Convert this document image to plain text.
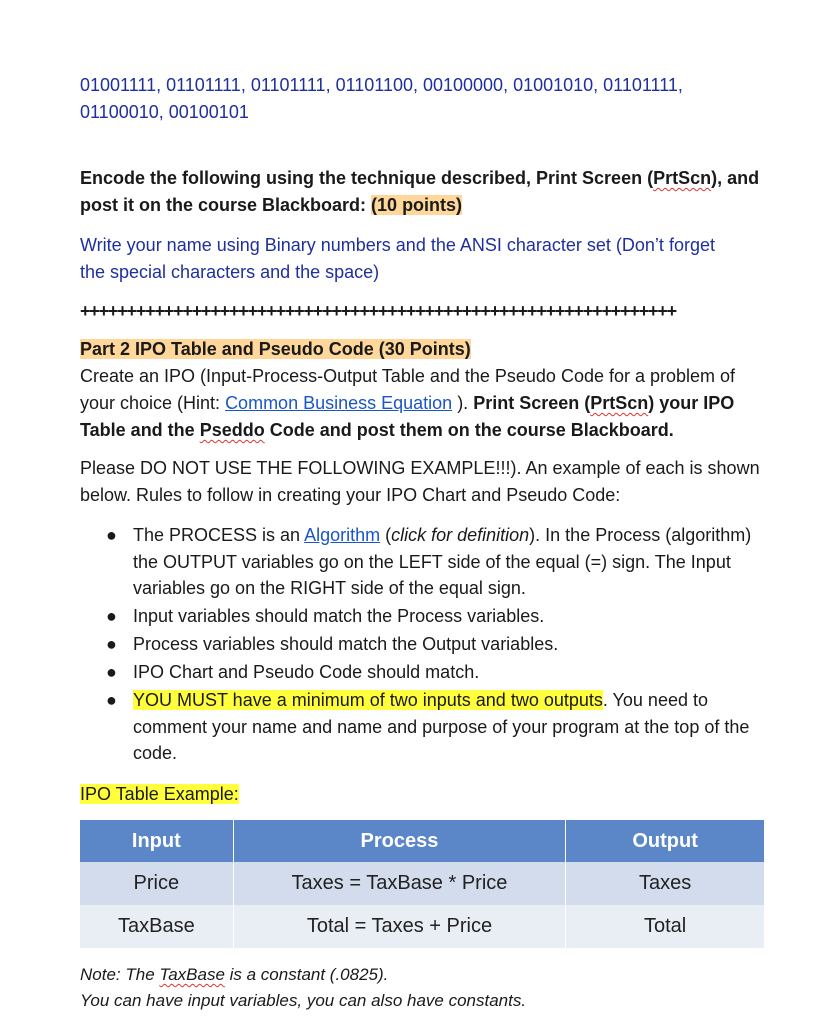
01001111, 01101111, 01101111, 01101100, 00100000, 01001010, 01101111,
01100010, 00100101
Encode the following using the technique described, Print Screen (PrtScn), and post it on the course Blackboard: (10 points)
Write your name using Binary numbers and the ANSI character set (Don’t forget
the special characters and the space)
++++++++++++++++++++++++++++++++++++++++++++++++++++++++++++++++
Part 2 IPO Table and Pseudo Code (30 Points)
Create an IPO (Input-Process-Output Table and the Pseudo Code for a problem of
your choice (Hint: Common Business Equation ). Print Screen (PrtScn) your IPO
Table and the Pseddo Code and post them on the course Blackboard.
Please DO NOT USE THE FOLLOWING EXAMPLE!!!). An example of each is shown
below. Rules to follow in creating your IPO Chart and Pseudo Code:
● The PROCESS is an Algorithm (click for definition). In the Process (algorithm) the OUTPUT variables go on the LEFT side of the equal (=) sign. The Input variables go on the RIGHT side of the equal sign.
● Input variables should match the Process variables.
● Process variables should match the Output variables.
● IPO Chart and Pseudo Code should match.
● YOU MUST have a minimum of two inputs and two outputs. You need to comment your name and name and purpose of your program at the top of the code.
IPO Table Example:
Note: The TaxBase is a constant (.0825).
You can have input variables, you can also have constants.
Input	Process	Output
Price	Taxes = TaxBase * Price	Taxes
TaxBase	Total = Taxes + Price	Total
